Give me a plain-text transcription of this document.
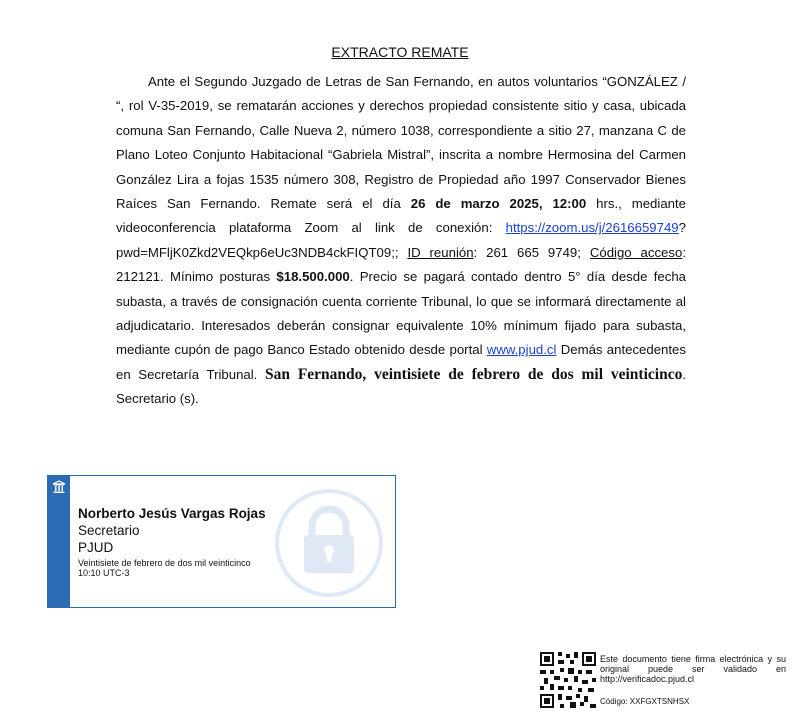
EXTRACTO REMATE
Ante el Segundo Juzgado de Letras de San Fernando, en autos voluntarios “GONZÁLEZ / “, rol V-35-2019, se rematarán acciones y derechos propiedad consistente sitio y casa, ubicada comuna San Fernando, Calle Nueva 2, número 1038, correspondiente a sitio 27, manzana C de Plano Loteo Conjunto Habitacional “Gabriela Mistral”, inscrita a nombre Hermosina del Carmen González Lira a fojas 1535 número 308, Registro de Propiedad año 1997 Conservador Bienes Raíces San Fernando. Remate será el día 26 de marzo 2025, 12:00 hrs., mediante videoconferencia plataforma Zoom al link de conexión: https://zoom.us/j/2616659749?pwd=MFljK0Zkd2VEQkp6eUc3NDB4ckFIQT09;; ID reunión: 261 665 9749; Código acceso: 212121. Mínimo posturas $18.500.000. Precio se pagará contado dentro 5° día desde fecha subasta, a través de consignación cuenta corriente Tribunal, lo que se informará directamente al adjudicatario. Interesados deberán consignar equivalente 10% mínimum fijado para subasta, mediante cupón de pago Banco Estado obtenido desde portal www.pjud.cl Demás antecedentes en Secretaría Tribunal. San Fernando, veintisiete de febrero de dos mil veinticinco. Secretario (s).
Norberto Jesús Vargas Rojas
Secretario
PJUD
Veintisiete de febrero de dos mil veinticinco
10:10 UTC-3
Este documento tiene firma electrónica y su original puede ser validado en http://verificadoc.pjud.cl
Código: XXFGXTSNHSX
